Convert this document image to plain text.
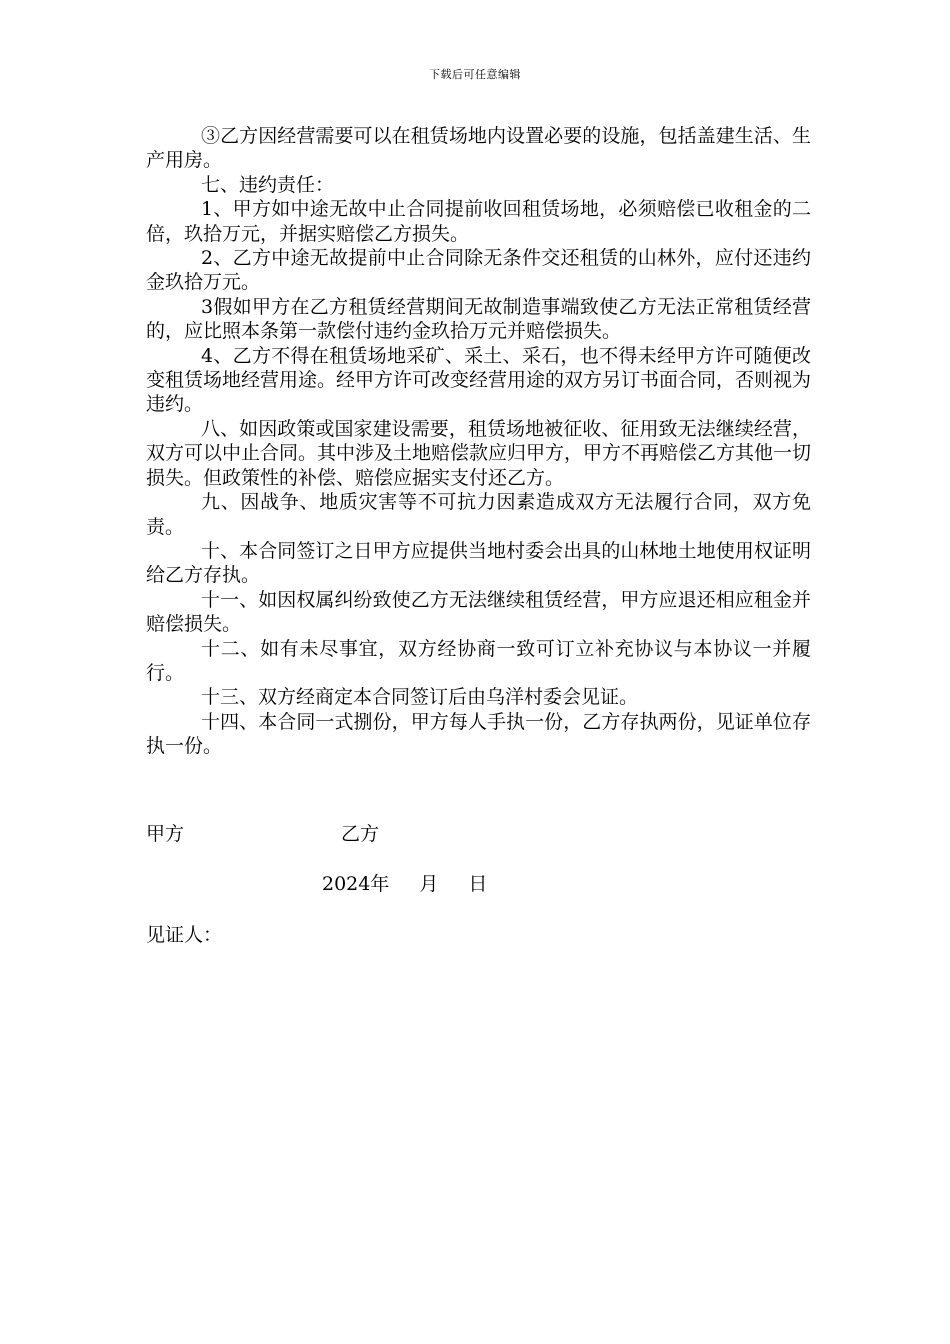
下载后可任意编辑

③乙方因经营需要可以在租赁场地内设置必要的设施，包括盖建生活、生产用房。

七、违约责任：

1、甲方如中途无故中止合同提前收回租赁场地，必须赔偿已收租金的二倍，玖拾万元，并据实赔偿乙方损失。

2、乙方中途无故提前中止合同除无条件交还租赁的山林外，应付还违约金玖拾万元。

3假如甲方在乙方租赁经营期间无故制造事端致使乙方无法正常租赁经营的，应比照本条第一款偿付违约金玖拾万元并赔偿损失。

4、乙方不得在租赁场地采矿、采土、采石，也不得未经甲方许可随便改变租赁场地经营用途。经甲方许可改变经营用途的双方另订书面合同，否则视为违约。

八、如因政策或国家建设需要，租赁场地被征收、征用致无法继续经营，双方可以中止合同。其中涉及土地赔偿款应归甲方，甲方不再赔偿乙方其他一切损失。但政策性的补偿、赔偿应据实支付还乙方。

九、因战争、地质灾害等不可抗力因素造成双方无法履行合同，双方免责。

十、本合同签订之日甲方应提供当地村委会出具的山林地土地使用权证明给乙方存执。

十一、如因权属纠纷致使乙方无法继续租赁经营，甲方应退还相应租金并赔偿损失。

十二、如有未尽事宜，双方经协商一致可订立补充协议与本协议一并履行。

十三、双方经商定本合同签订后由乌洋村委会见证。

十四、本合同一式捌份，甲方每人手执一份，乙方存执两份，见证单位存执一份。

甲方	乙方
2024年 月 日
见证人：
